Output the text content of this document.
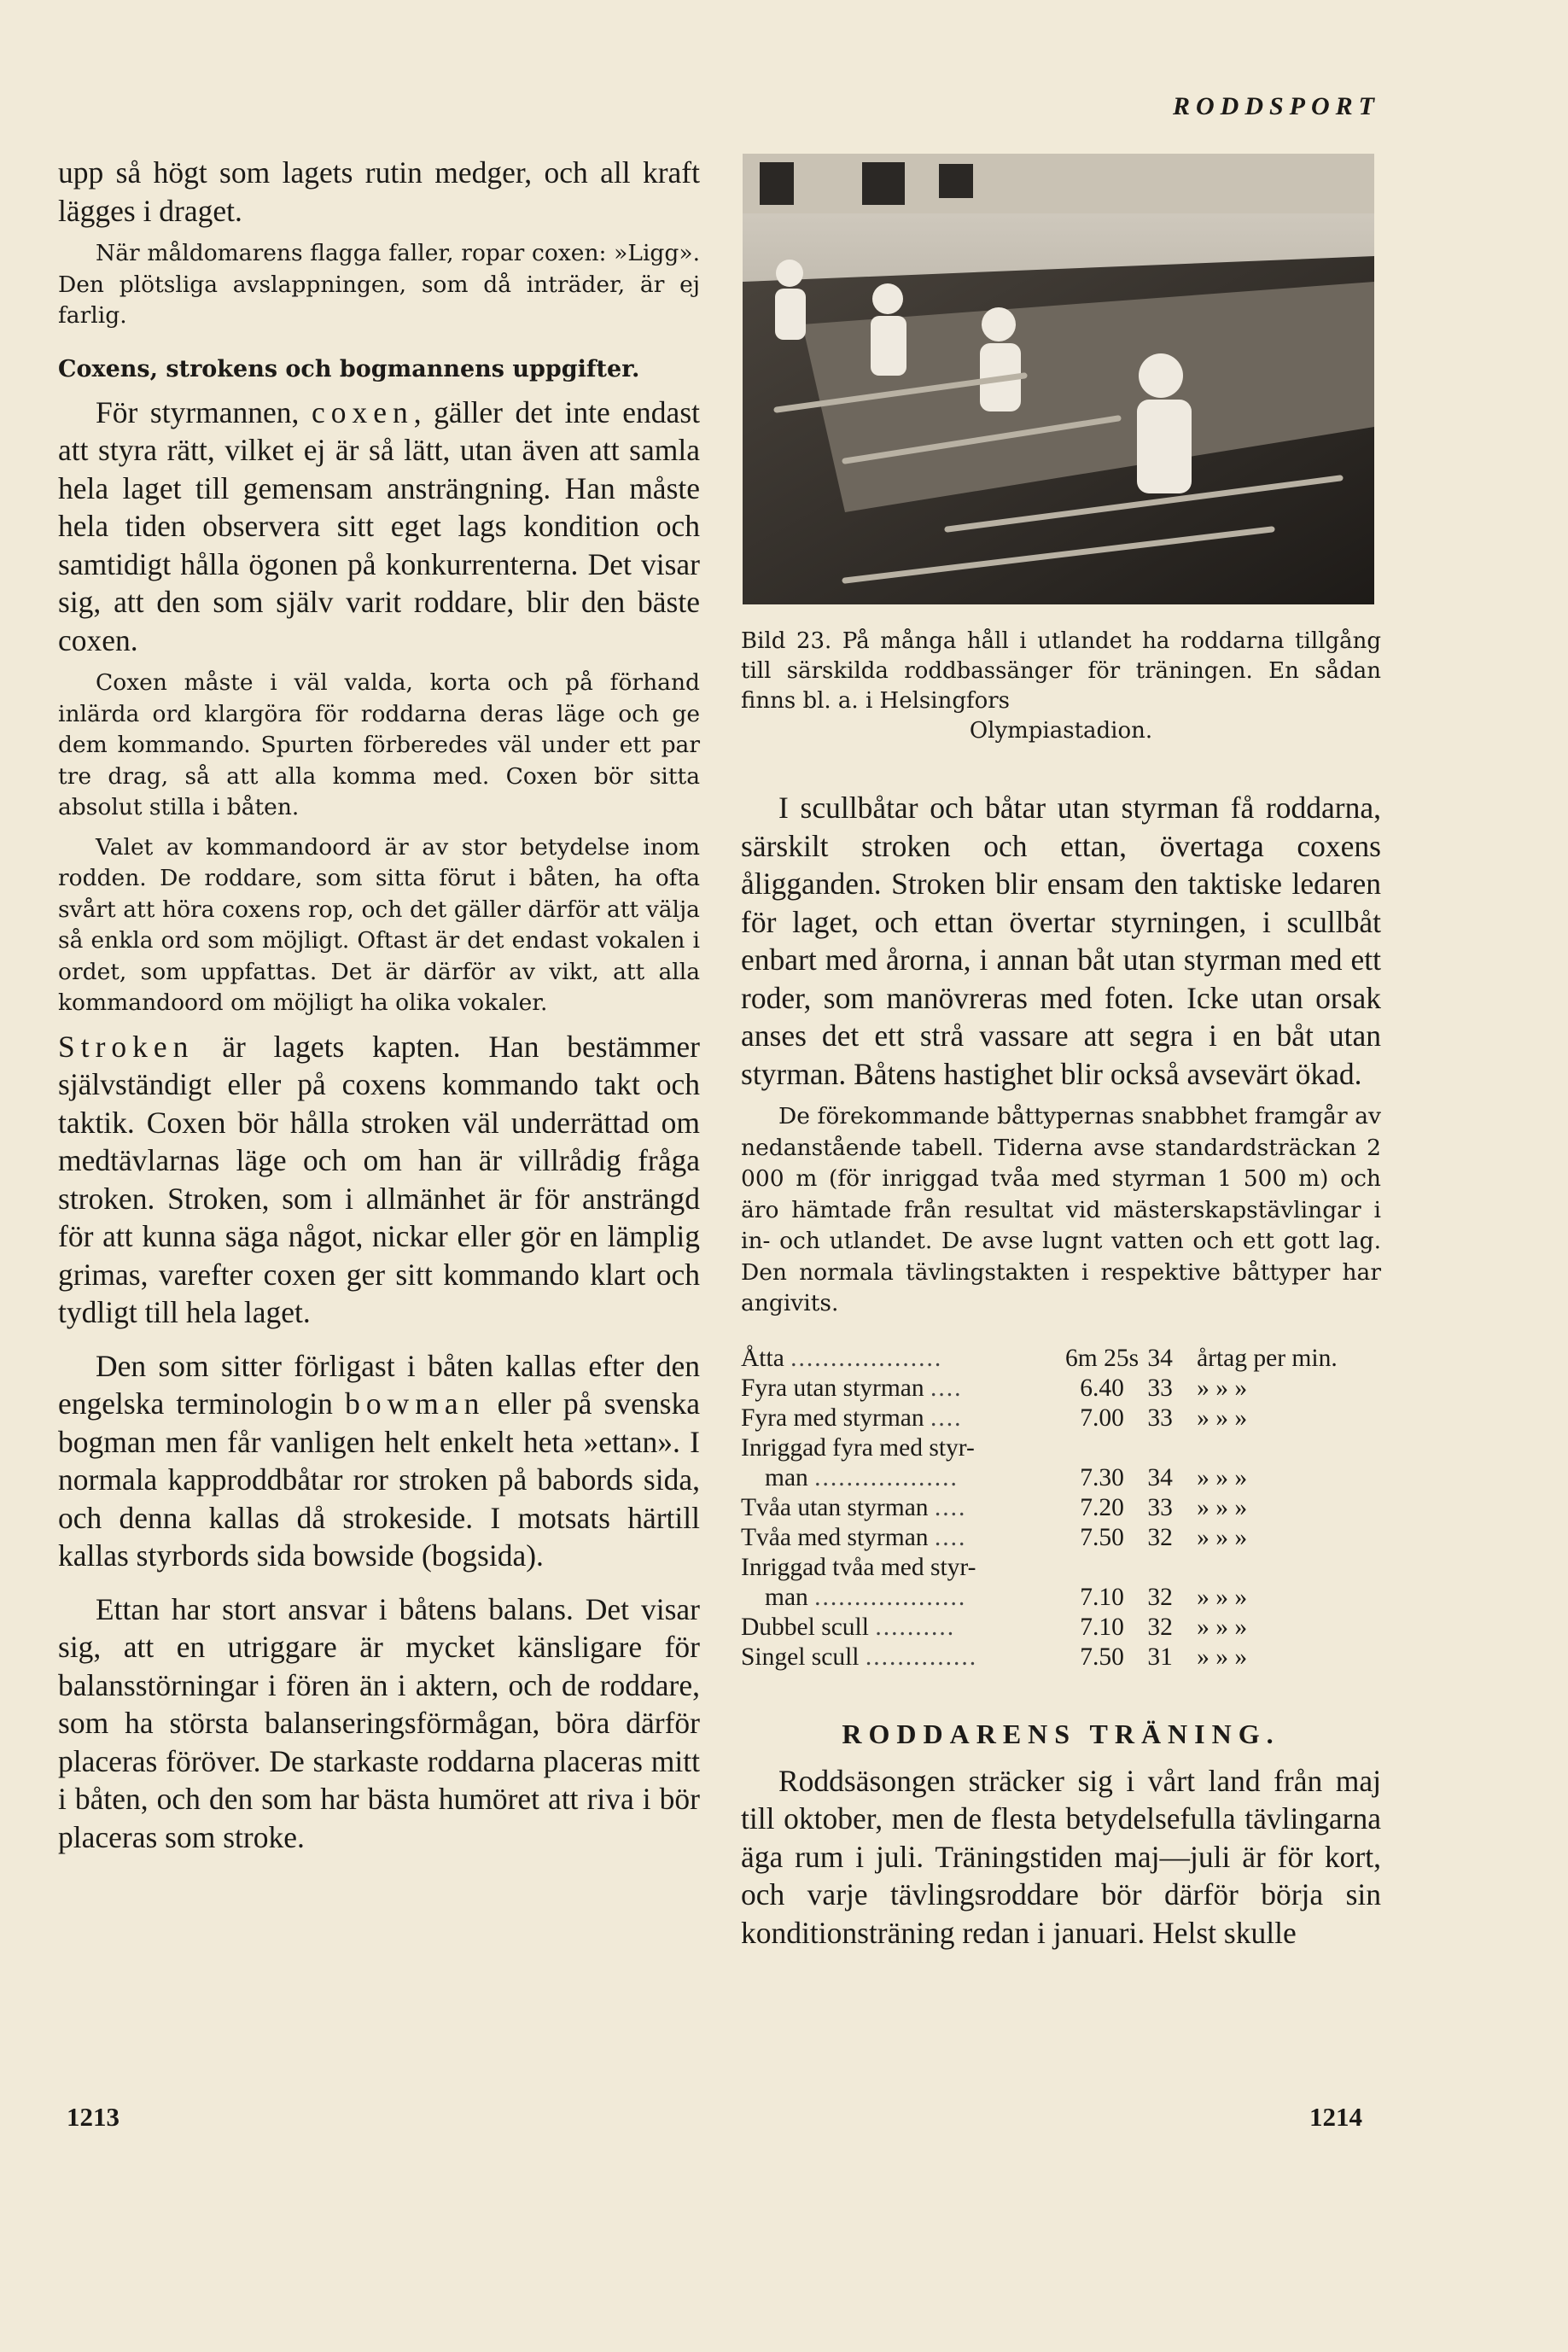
RODDSPORT

upp så högt som lagets rutin medger, och all kraft lägges i draget.

När måldomarens flagga faller, ropar coxen: »Ligg». Den plötsliga avslappningen, som då inträder, är ej farlig.

Coxens, strokens och bogmannens uppgifter.

För styrmannen, coxen, gäller det inte endast att styra rätt, vilket ej är så lätt, utan även att samla hela laget till gemensam ansträngning. Han måste hela tiden observera sitt eget lags kondition och samtidigt hålla ögonen på konkurrenterna. Det visar sig, att den som själv varit roddare, blir den bäste coxen.

Coxen måste i väl valda, korta och på förhand inlärda ord klargöra för roddarna deras läge och ge dem kommando. Spurten förberedes väl under ett par tre drag, så att alla komma med. Coxen bör sitta absolut stilla i båten.

Valet av kommandoord är av stor betydelse inom rodden. De roddare, som sitta förut i båten, ha ofta svårt att höra coxens rop, och det gäller därför att välja så enkla ord som möjligt. Oftast är det endast vokalen i ordet, som uppfattas. Det är därför av vikt, att alla kommandoord om möjligt ha olika vokaler.

Stroken är lagets kapten. Han bestämmer självständigt eller på coxens kommando takt och taktik. Coxen bör hålla stroken väl underrättad om medtävlarnas läge och om han är villrådig fråga stroken. Stroken, som i allmänhet är för ansträngd för att kunna säga något, nickar eller gör en lämplig grimas, varefter coxen ger sitt kommando klart och tydligt till hela laget.

Den som sitter förligast i båten kallas efter den engelska terminologin bowman eller på svenska bogman men får vanligen helt enkelt heta »ettan». I normala kapproddbåtar ror stroken på babords sida, och denna kallas då strokeside. I motsats härtill kallas styrbords sida bowside (bogsida).

Ettan har stort ansvar i båtens balans. Det visar sig, att en utriggare är mycket känsligare för balansstörningar i fören än i aktern, och de roddare, som ha största balanseringsförmågan, böra därför placeras föröver. De starkaste roddarna placeras mitt i båten, och den som har bästa humöret att riva i bör placeras som stroke.

Bild 23. På många håll i utlandet ha roddarna tillgång till särskilda roddbassänger för träningen. En sådan finns bl. a. i Helsingfors
Olympiastadion.

I scullbåtar och båtar utan styrman få roddarna, särskilt stroken och ettan, övertaga coxens åligganden. Stroken blir ensam den taktiske ledaren för laget, och ettan övertar styrningen, i scullbåt enbart med årorna, i annan båt utan styrman med ett roder, som manövreras med foten. Icke utan orsak anses det ett strå vassare att segra i en båt utan styrman. Båtens hastighet blir också avsevärt ökad.

De förekommande båttypernas snabbhet framgår av nedanstående tabell. Tiderna avse standardsträckan 2 000 m (för inriggad tvåa med styrman 1 500 m) och äro hämtade från resultat vid mästerskapstävlingar i in- och utlandet. De avse lugnt vatten och ett gott lag. Den normala tävlingstakten i respektive båttyper har angivits.

Åtta ...................	6m 25s	34	årtag per min.
Fyra utan styrman ....	6.40	33	» » »
Fyra med styrman ....	7.00	33	» » »

Inriggad fyra med styr-
man ..................	7.30	34	» » »
Tvåa utan styrman ....	7.20	33	» » »
Tvåa med styrman ....	7.50	32	» » »

Inriggad tvåa med styr-
man ...................	7.10	32	» » »
Dubbel scull ..........	7.10	32	» » »
Singel scull ..............	7.50	31	» » »
RODDARENS TRÄNING.

Roddsäsongen sträcker sig i vårt land från maj till oktober, men de flesta betydelsefulla tävlingarna äga rum i juli. Träningstiden maj—juli är för kort, och varje tävlingsroddare bör därför börja sin konditionsträning redan i januari. Helst skulle

1213	1214
